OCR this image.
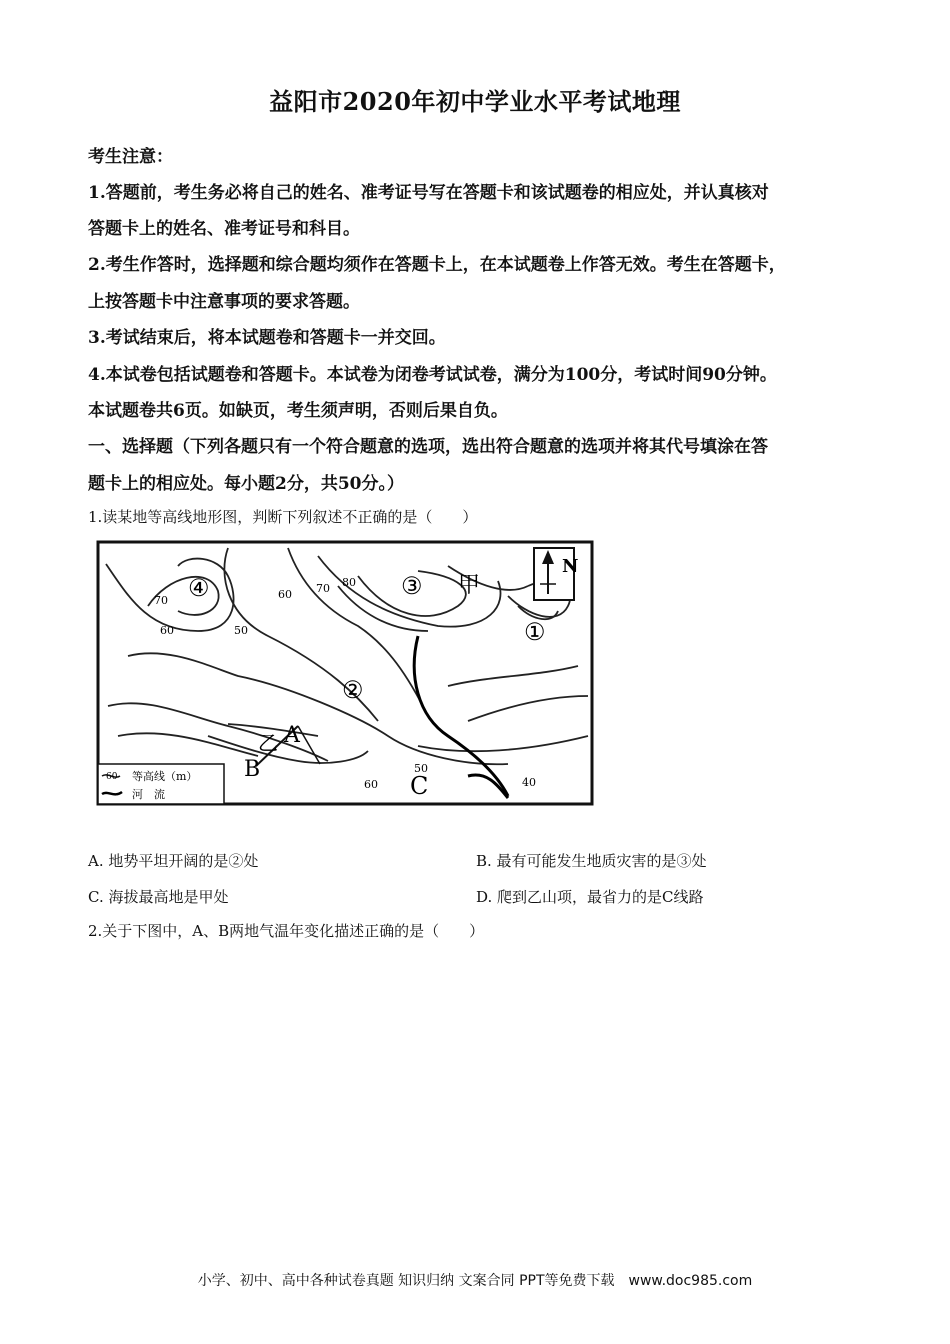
益阳市2020年初中学业水平考试地理
考生注意：
1.答题前，考生务必将自己的姓名、准考证号写在答题卡和该试题卷的相应处，并认真核对
答题卡上的姓名、准考证号和科目。
2.考生作答时，选择题和综合题均须作在答题卡上，在本试题卷上作答无效。考生在答题卡，
上按答题卡中注意事项的要求答题。
3.考试结束后，将本试题卷和答题卡一并交回。
4.本试卷包括试题卷和答题卡。本试卷为闭卷考试试卷，满分为100分，考试时间90分钟。
本试题卷共6页。如缺页，考生须声明，否则后果自负。
一、选择题（下列各题只有一个符合题意的选项，选出符合题意的选项并将其代号填涂在答
题卡上的相应处。每小题2分，共50分。）
1.读某地等高线地形图，判断下列叙述不正确的是（　　）
④	③
②
①
甲
乙
N
A
B
C
70
60	50
60 70 80
40
50
60
60 等高线（m）
河　流
A. 地势平坦开阔的是②处	B. 最有可能发生地质灾害的是③处
C. 海拔最高地是甲处	D. 爬到乙山项，最省力的是C线路
2.关于下图中，A、B两地气温年变化描述正确的是（　　）
小学、初中、高中各种试卷真题 知识归纳 文案合同 PPT等免费下载　www.doc985.com
